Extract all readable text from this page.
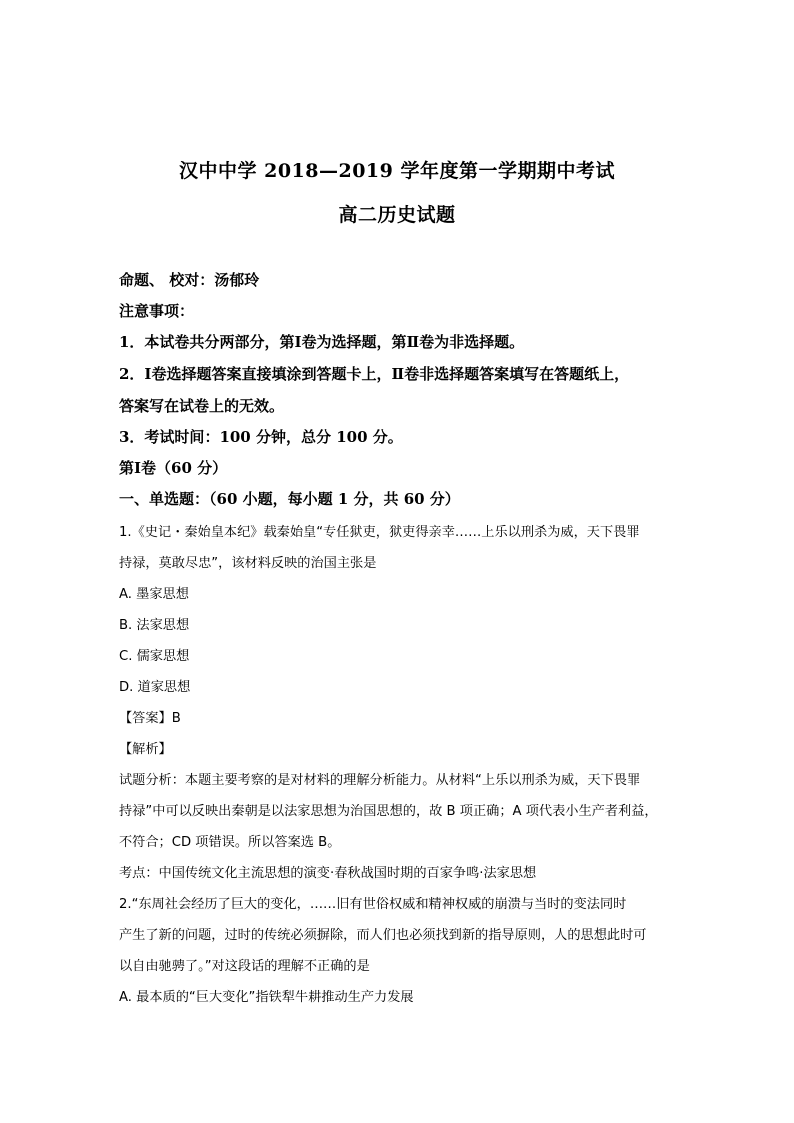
汉中中学 2018—2019 学年度第一学期期中考试
高二历史试题
命题、 校对：汤郁玲
注意事项：
1．本试卷共分两部分，第Ⅰ卷为选择题，第Ⅱ卷为非选择题。
2．Ⅰ卷选择题答案直接填涂到答题卡上，Ⅱ卷非选择题答案填写在答题纸上，
答案写在试卷上的无效。
3．考试时间：100 分钟，总分 100 分。
第Ⅰ卷（60 分）
一、单选题：（60 小题，每小题 1 分，共 60 分）
1.《史记・秦始皇本纪》载秦始皇“专任狱吏，狱吏得亲幸……上乐以刑杀为威，天下畏罪
持禄，莫敢尽忠”，该材料反映的治国主张是
A. 墨家思想
B. 法家思想
C. 儒家思想
D. 道家思想
【答案】B
【解析】
试题分析：本题主要考察的是对材料的理解分析能力。从材料“上乐以刑杀为威，天下畏罪
持禄”中可以反映出秦朝是以法家思想为治国思想的，故 B 项正确；A 项代表小生产者利益，
不符合；CD 项错误。所以答案选 B。
考点：中国传统文化主流思想的演变·春秋战国时期的百家争鸣·法家思想
2.“东周社会经历了巨大的变化，……旧有世俗权威和精神权威的崩溃与当时的变法同时
产生了新的问题，过时的传统必须摒除，而人们也必须找到新的指导原则，人的思想此时可
以自由驰骋了。”对这段话的理解不正确的是
A. 最本质的“巨大变化”指铁犁牛耕推动生产力发展
